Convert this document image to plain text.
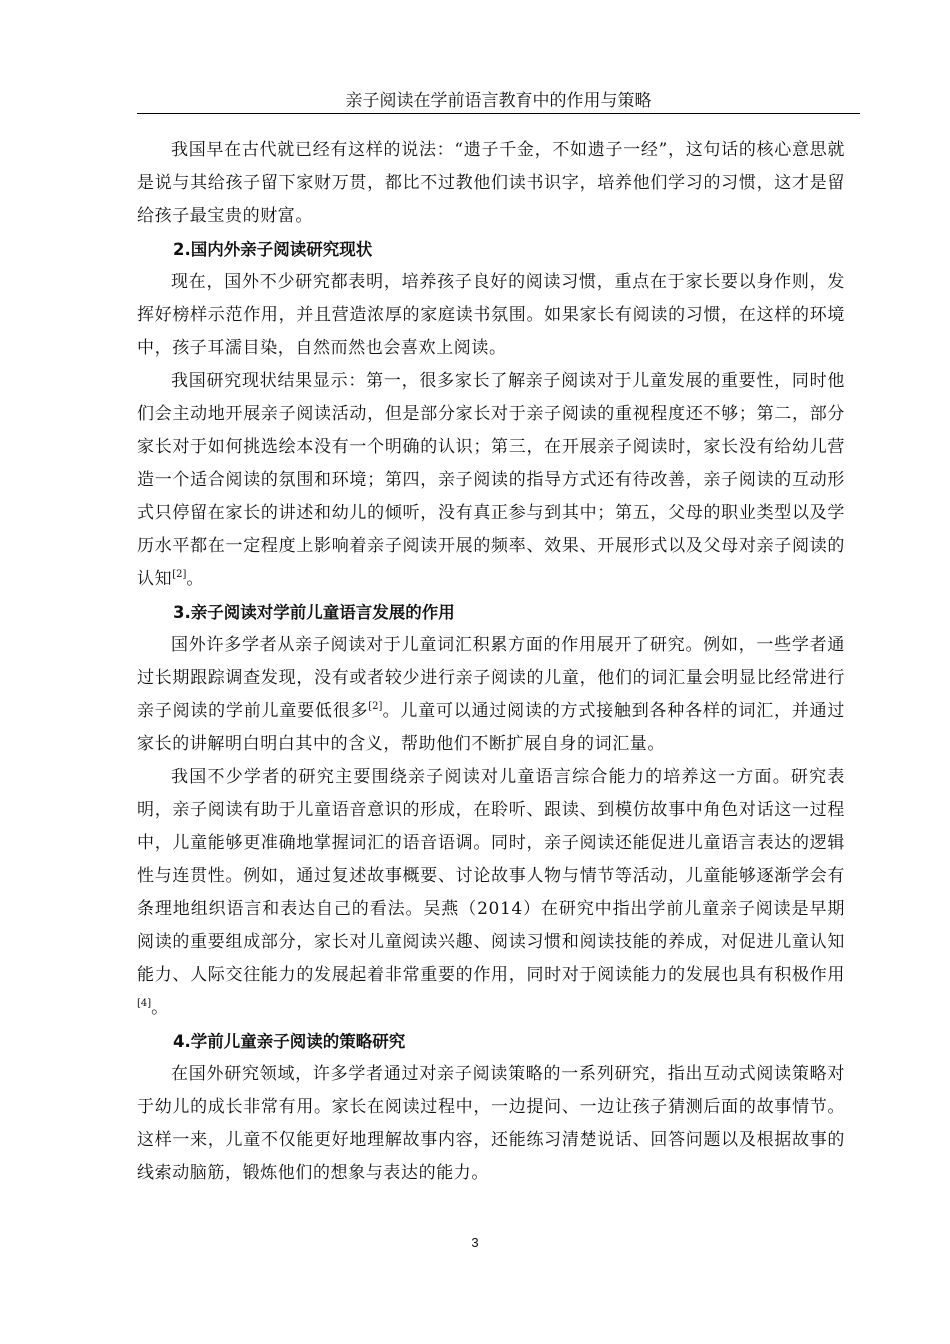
亲子阅读在学前语言教育中的作用与策略

我国早在古代就已经有这样的说法：“遗子千金，不如遗子一经”，这句话的核心意思就是说与其给孩子留下家财万贯，都比不过教他们读书识字，培养他们学习的习惯，这才是留给孩子最宝贵的财富。

2.国内外亲子阅读研究现状

现在，国外不少研究都表明，培养孩子良好的阅读习惯，重点在于家长要以身作则，发挥好榜样示范作用，并且营造浓厚的家庭读书氛围。如果家长有阅读的习惯，在这样的环境中，孩子耳濡目染，自然而然也会喜欢上阅读。

我国研究现状结果显示：第一，很多家长了解亲子阅读对于儿童发展的重要性，同时他们会主动地开展亲子阅读活动，但是部分家长对于亲子阅读的重视程度还不够；第二，部分家长对于如何挑选绘本没有一个明确的认识；第三，在开展亲子阅读时，家长没有给幼儿营造一个适合阅读的氛围和环境；第四，亲子阅读的指导方式还有待改善，亲子阅读的互动形式只停留在家长的讲述和幼儿的倾听，没有真正参与到其中；第五，父母的职业类型以及学历水平都在一定程度上影响着亲子阅读开展的频率、效果、开展形式以及父母对亲子阅读的认知[2]。

3.亲子阅读对学前儿童语言发展的作用

国外许多学者从亲子阅读对于儿童词汇积累方面的作用展开了研究。例如，一些学者通过长期跟踪调查发现，没有或者较少进行亲子阅读的儿童，他们的词汇量会明显比经常进行亲子阅读的学前儿童要低很多[2]。儿童可以通过阅读的方式接触到各种各样的词汇，并通过家长的讲解明白明白其中的含义，帮助他们不断扩展自身的词汇量。

我国不少学者的研究主要围绕亲子阅读对儿童语言综合能力的培养这一方面。研究表明，亲子阅读有助于儿童语音意识的形成，在聆听、跟读、到模仿故事中角色对话这一过程中，儿童能够更准确地掌握词汇的语音语调。同时，亲子阅读还能促进儿童语言表达的逻辑性与连贯性。例如，通过复述故事概要、讨论故事人物与情节等活动，儿童能够逐渐学会有条理地组织语言和表达自己的看法。吴燕（2014）在研究中指出学前儿童亲子阅读是早期阅读的重要组成部分，家长对儿童阅读兴趣、阅读习惯和阅读技能的养成，对促进儿童认知能力、人际交往能力的发展起着非常重要的作用，同时对于阅读能力的发展也具有积极作用[4]。

4.学前儿童亲子阅读的策略研究

在国外研究领域，许多学者通过对亲子阅读策略的一系列研究，指出互动式阅读策略对于幼儿的成长非常有用。家长在阅读过程中，一边提问、一边让孩子猜测后面的故事情节。这样一来，儿童不仅能更好地理解故事内容，还能练习清楚说话、回答问题以及根据故事的线索动脑筋，锻炼他们的想象与表达的能力。

3
